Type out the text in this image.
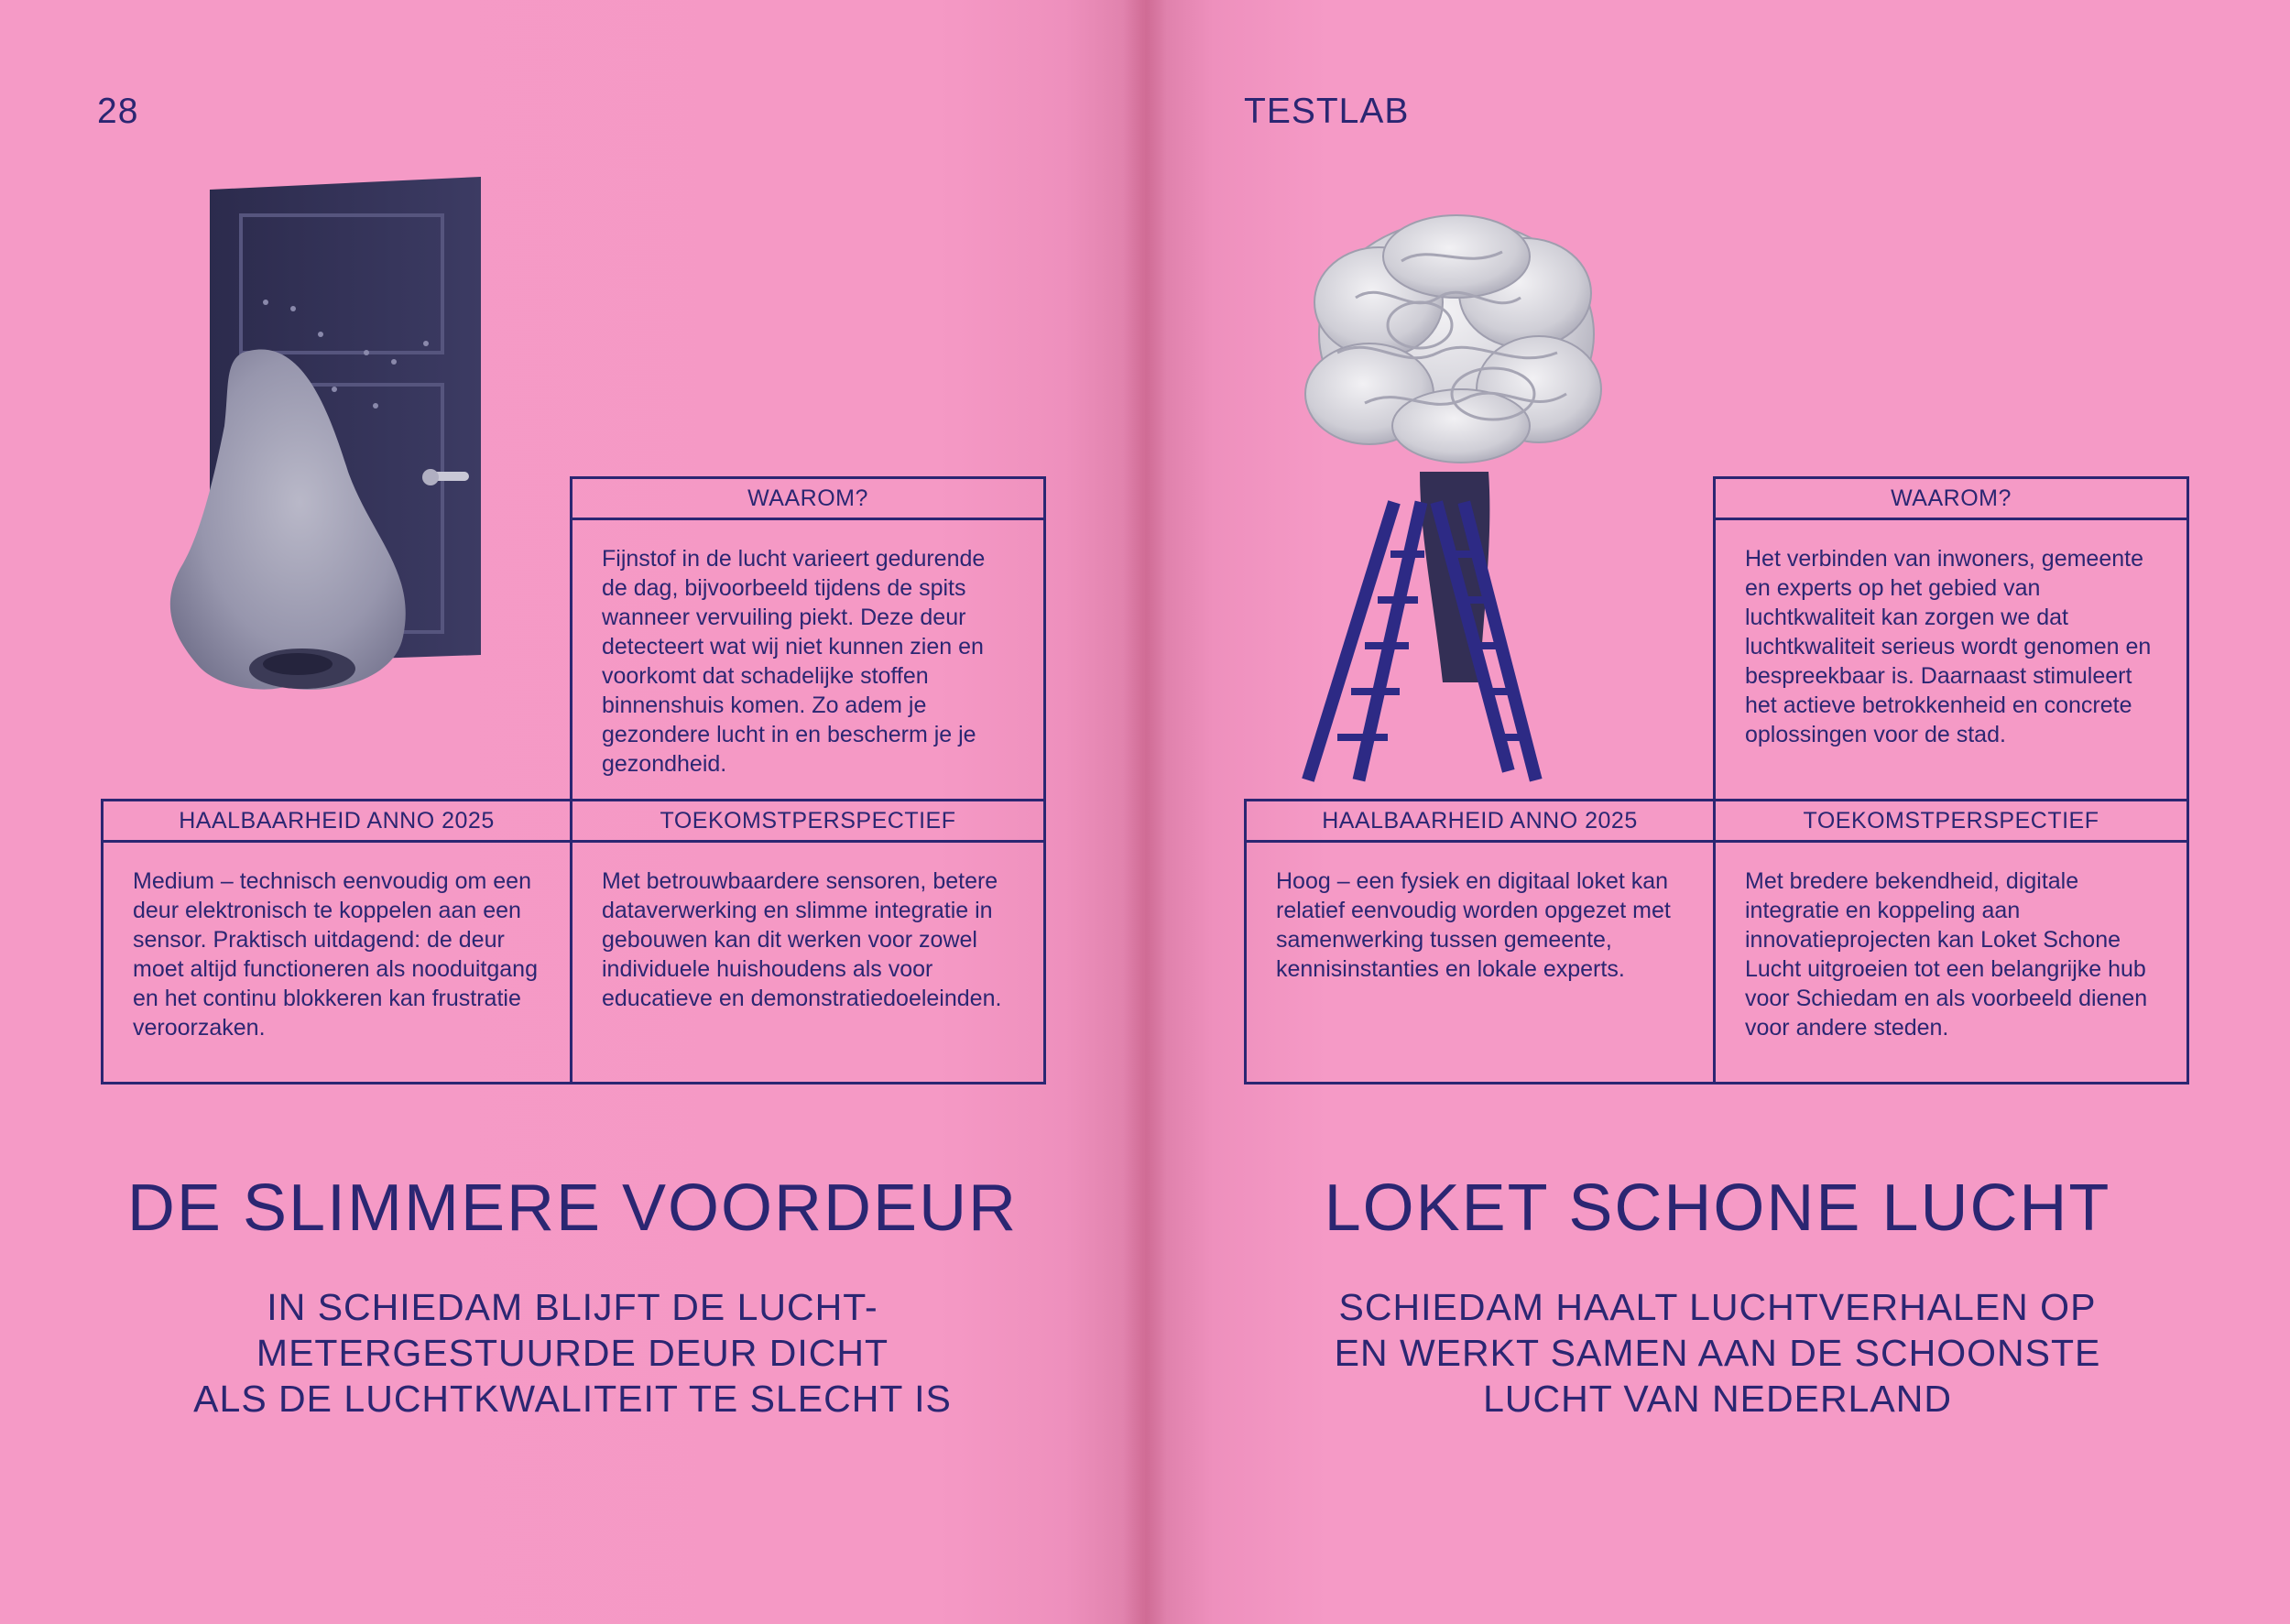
28
WAAROM?
Fijnstof in de lucht varieert gedurende de dag, bijvoorbeeld tijdens de spits wanneer vervuiling piekt. Deze deur detecteert wat wij niet kunnen zien en voorkomt dat schadelijke stoffen binnenshuis komen. Zo adem je gezondere lucht in en bescherm je je gezondheid.
HAALBAARHEID ANNO 2025
Medium – technisch eenvoudig om een deur elektronisch te koppelen aan een sensor. Praktisch uitdagend: de deur moet altijd functioneren als nooduitgang en het continu blokkeren kan frustratie veroorzaken.
TOEKOMSTPERSPECTIEF
Met betrouwbaardere sensoren, betere dataverwerking en slimme integratie in gebouwen kan dit werken voor zowel individuele huishoudens als voor educatieve en demonstratiedoeleinden.
DE SLIMMERE VOORDEUR
IN SCHIEDAM BLIJFT DE LUCHT-
METERGESTUURDE DEUR DICHT
ALS DE LUCHTKWALITEIT TE SLECHT IS
TESTLAB
WAAROM?
Het verbinden van inwoners, gemeente en experts op het gebied van luchtkwaliteit kan zorgen we dat luchtkwaliteit serieus wordt genomen en bespreekbaar is. Daarnaast stimuleert het actieve betrokkenheid en concrete oplossingen voor de stad.
HAALBAARHEID ANNO 2025
Hoog – een fysiek en digitaal loket kan relatief eenvoudig worden opgezet met samenwerking tussen gemeente, kennisinstanties en lokale experts.
TOEKOMSTPERSPECTIEF
Met bredere bekendheid, digitale integratie en koppeling aan innovatieprojecten kan Loket Schone Lucht uitgroeien tot een belangrijke hub voor Schiedam en als voorbeeld dienen voor andere steden.
LOKET SCHONE LUCHT
SCHIEDAM HAALT LUCHTVERHALEN OP
EN WERKT SAMEN AAN DE SCHOONSTE
LUCHT VAN NEDERLAND
